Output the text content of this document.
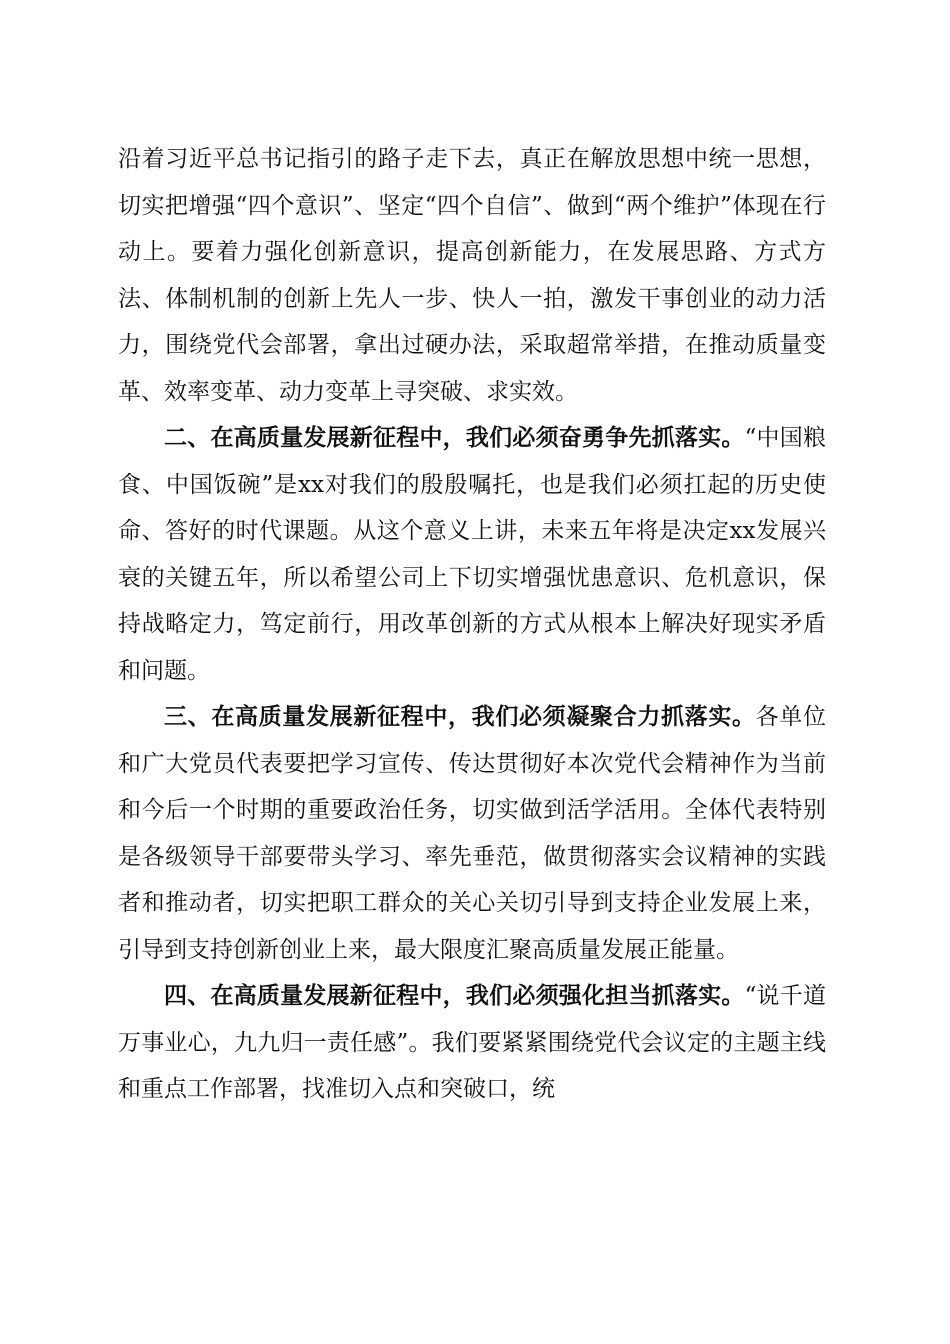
沿着习近平总书记指引的路子走下去，真正在解放思想中统一思想，切实把增强“四个意识”、坚定“四个自信”、做到“两个维护”体现在行动上。要着力强化创新意识，提高创新能力，在发展思路、方式方法、体制机制的创新上先人一步、快人一拍，激发干事创业的动力活力，围绕党代会部署，拿出过硬办法，采取超常举措，在推动质量变革、效率变革、动力变革上寻突破、求实效。

二、在高质量发展新征程中，我们必须奋勇争先抓落实。“中国粮食、中国饭碗”是xx对我们的殷殷嘱托，也是我们必须扛起的历史使命、答好的时代课题。从这个意义上讲，未来五年将是决定xx发展兴衰的关键五年，所以希望公司上下切实增强忧患意识、危机意识，保持战略定力，笃定前行，用改革创新的方式从根本上解决好现实矛盾和问题。

三、在高质量发展新征程中，我们必须凝聚合力抓落实。各单位和广大党员代表要把学习宣传、传达贯彻好本次党代会精神作为当前和今后一个时期的重要政治任务，切实做到活学活用。全体代表特别是各级领导干部要带头学习、率先垂范，做贯彻落实会议精神的实践者和推动者，切实把职工群众的关心关切引导到支持企业发展上来，引导到支持创新创业上来，最大限度汇聚高质量发展正能量。

四、在高质量发展新征程中，我们必须强化担当抓落实。“说千道万事业心，九九归一责任感”。我们要紧紧围绕党代会议定的主题主线和重点工作部署，找准切入点和突破口，统
